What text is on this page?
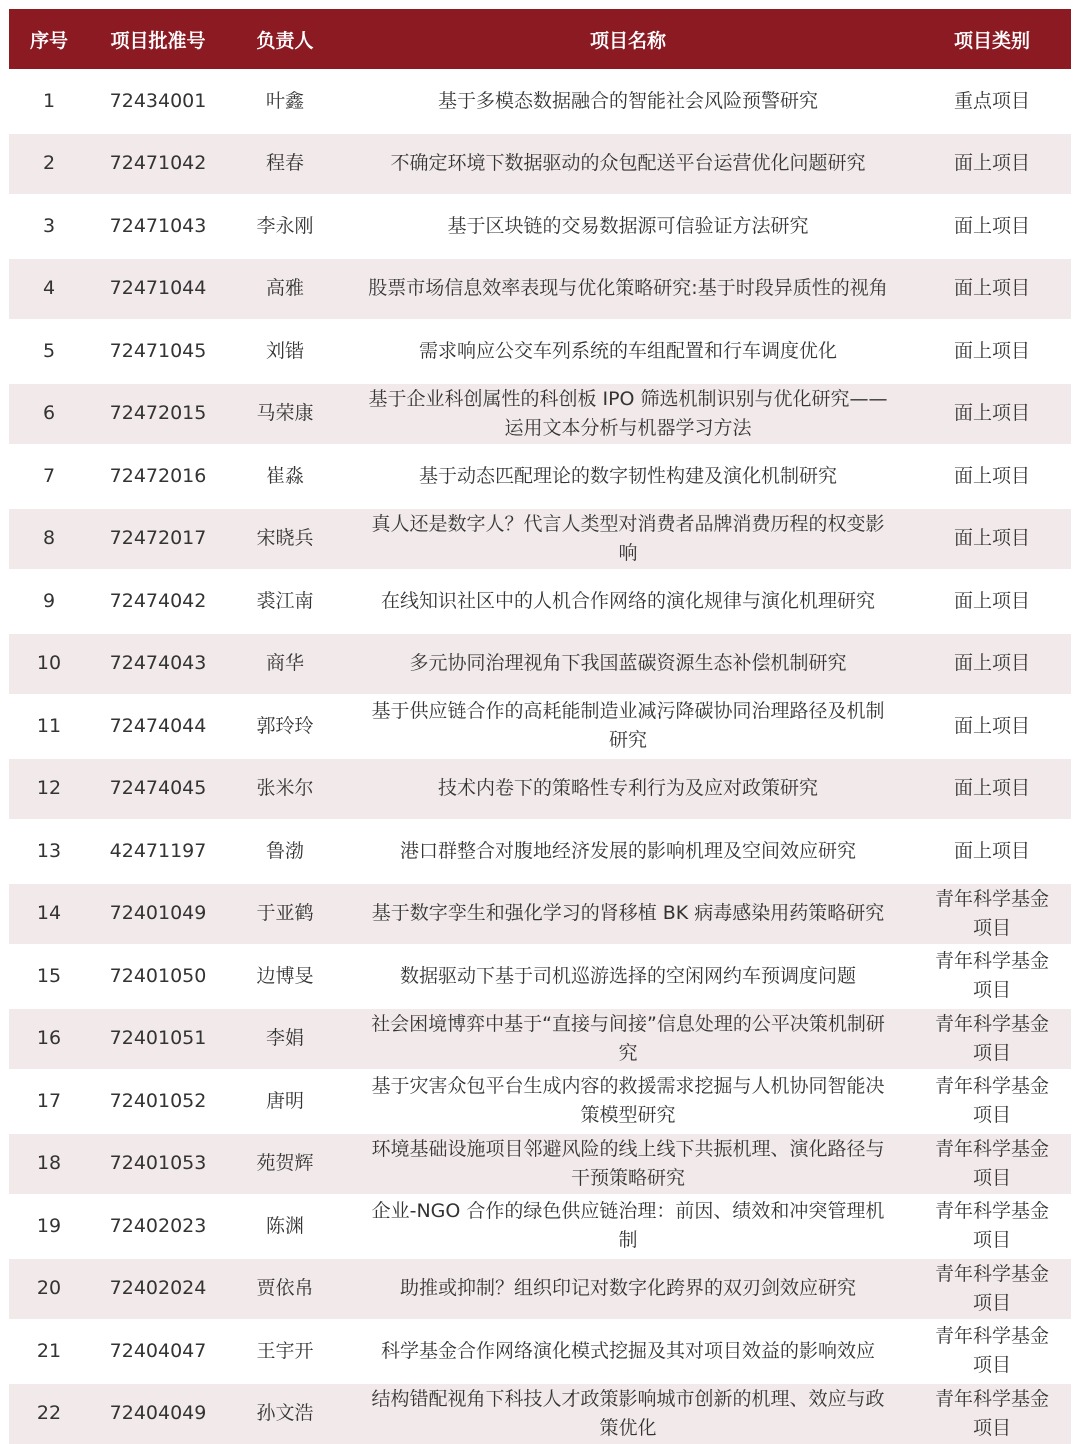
序号	项目批准号	负责人	项目名称	项目类别
1	72434001	叶鑫	基于多模态数据融合的智能社会风险预警研究	重点项目
2	72471042	程春	不确定环境下数据驱动的众包配送平台运营优化问题研究	面上项目
3	72471043	李永刚	基于区块链的交易数据源可信验证方法研究	面上项目
4	72471044	高雅	股票市场信息效率表现与优化策略研究:基于时段异质性的视角	面上项目
5	72471045	刘锴	需求响应公交车列系统的车组配置和行车调度优化	面上项目
6	72472015	马荣康	基于企业科创属性的科创板 IPO 筛选机制识别与优化研究——运用文本分析与机器学习方法	面上项目
7	72472016	崔淼	基于动态匹配理论的数字韧性构建及演化机制研究	面上项目
8	72472017	宋晓兵	真人还是数字人？代言人类型对消费者品牌消费历程的权变影响	面上项目
9	72474042	裘江南	在线知识社区中的人机合作网络的演化规律与演化机理研究	面上项目
10	72474043	商华	多元协同治理视角下我国蓝碳资源生态补偿机制研究	面上项目
11	72474044	郭玲玲	基于供应链合作的高耗能制造业减污降碳协同治理路径及机制研究	面上项目
12	72474045	张米尔	技术内卷下的策略性专利行为及应对政策研究	面上项目
13	42471197	鲁渤	港口群整合对腹地经济发展的影响机理及空间效应研究	面上项目
14	72401049	于亚鹤	基于数字孪生和强化学习的肾移植 BK 病毒感染用药策略研究	青年科学基金项目
15	72401050	边博旻	数据驱动下基于司机巡游选择的空闲网约车预调度问题	青年科学基金项目
16	72401051	李娟	社会困境博弈中基于“直接与间接”信息处理的公平决策机制研究	青年科学基金项目
17	72401052	唐明	基于灾害众包平台生成内容的救援需求挖掘与人机协同智能决策模型研究	青年科学基金项目
18	72401053	苑贺辉	环境基础设施项目邻避风险的线上线下共振机理、演化路径与干预策略研究	青年科学基金项目
19	72402023	陈渊	企业-NGO 合作的绿色供应链治理：前因、绩效和冲突管理机制	青年科学基金项目
20	72402024	贾依帛	助推或抑制？组织印记对数字化跨界的双刃剑效应研究	青年科学基金项目
21	72404047	王宇开	科学基金合作网络演化模式挖掘及其对项目效益的影响效应	青年科学基金项目
22	72404049	孙文浩	结构错配视角下科技人才政策影响城市创新的机理、效应与政策优化	青年科学基金项目
